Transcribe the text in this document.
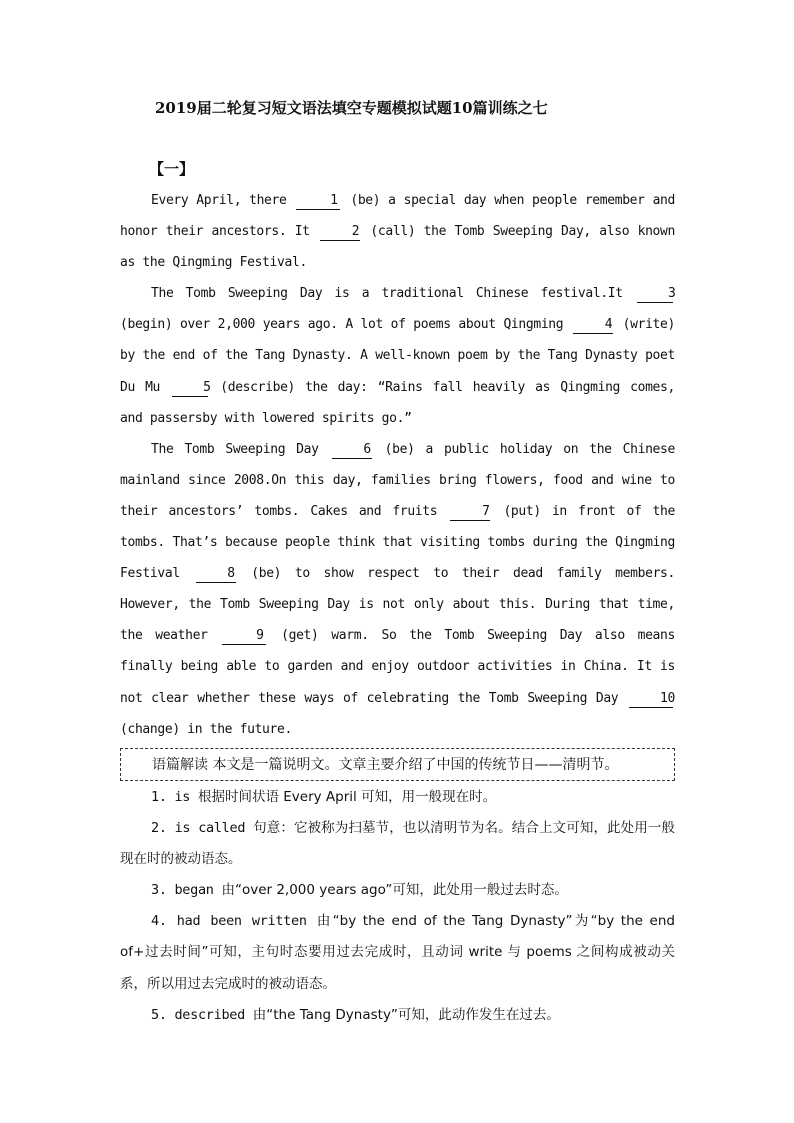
2019届二轮复习短文语法填空专题模拟试题10篇训练之七
【一】

Every April, there	1 (be) a special day when people remember and honor their ancestors. It	2 (call) the Tomb Sweeping Day, also known as the Qingming Festival.

The Tomb Sweeping Day is a traditional Chinese festival.It	3 (begin) over 2,000 years ago. A lot of poems about Qingming	4 (write) by the end of the Tang Dynasty. A well-known poem by the Tang Dynasty poet Du Mu	5 (describe) the day: “Rains fall heavily as Qingming comes, and passersby with lowered spirits go.”

The Tomb Sweeping Day	6 (be) a public holiday on the Chinese mainland since 2008.On this day, families bring flowers, food and wine to their ancestors’ tombs. Cakes and fruits	7 (put) in front of the tombs. That’s because people think that visiting tombs during the Qingming Festival	8 (be) to show respect to their dead family members. However, the Tomb Sweeping Day is not only about this. During that time, the weather	9 (get) warm. So the Tomb Sweeping Day also means finally being able to garden and enjoy outdoor activities in China. It is not clear whether these ways of celebrating the Tomb Sweeping Day	10 (change) in the future.

语篇解读 本文是一篇说明文。文章主要介绍了中国的传统节日——清明节。

1. is 根据时间状语 Every April 可知，用一般现在时。

2. is called 句意：它被称为扫墓节，也以清明节为名。结合上文可知，此处用一般现在时的被动语态。

3. began 由“over 2,000 years ago”可知，此处用一般过去时态。

4. had been written 由“by the end of the Tang Dynasty”为“by the end of+过去时间”可知，主句时态要用过去完成时，且动词 write 与 poems 之间构成被动关系，所以用过去完成时的被动语态。

5. described 由“the Tang Dynasty”可知，此动作发生在过去。
